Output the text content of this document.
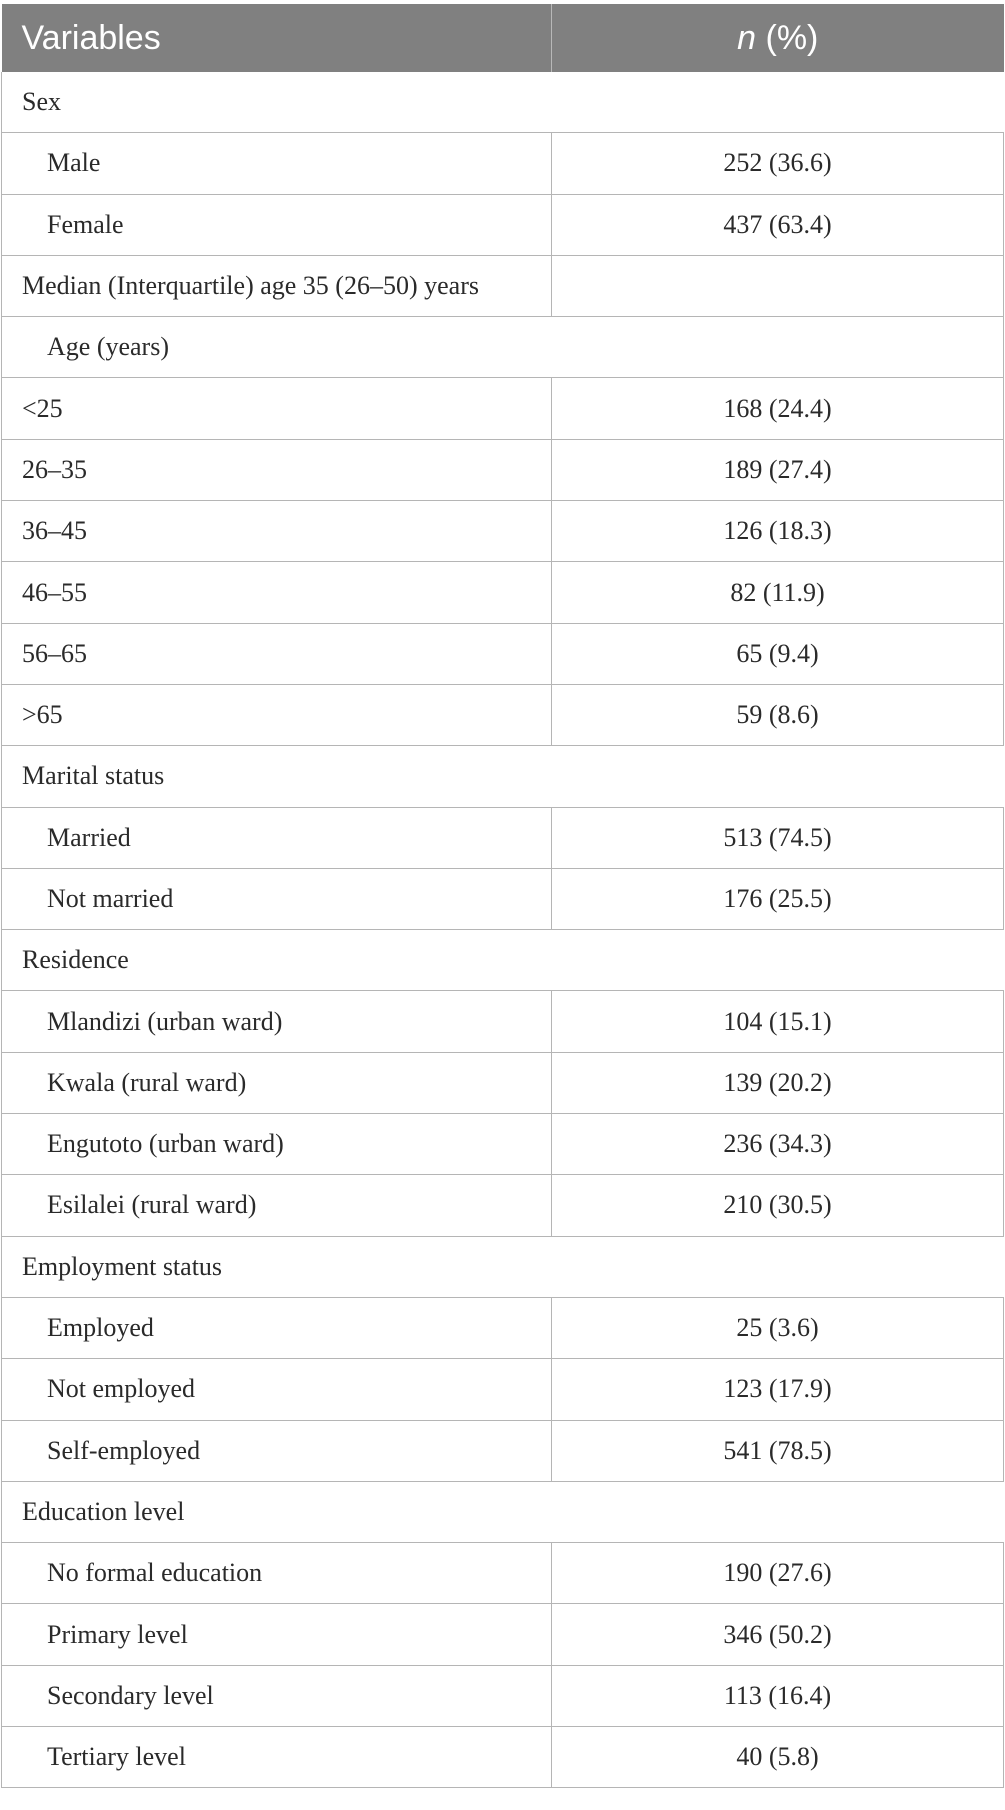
Variables	n (%)
Sex	
Male	252 (36.6)
Female	437 (63.4)
Median (Interquartile) age 35 (26–50) years	
Age (years)	
<25	168 (24.4)
26–35	189 (27.4)
36–45	126 (18.3)
46–55	82 (11.9)
56–65	65 (9.4)
>65	59 (8.6)
Marital status	
Married	513 (74.5)
Not married	176 (25.5)
Residence	
Mlandizi (urban ward)	104 (15.1)
Kwala (rural ward)	139 (20.2)
Engutoto (urban ward)	236 (34.3)
Esilalei (rural ward)	210 (30.5)
Employment status	
Employed	25 (3.6)
Not employed	123 (17.9)
Self-employed	541 (78.5)
Education level	
No formal education	190 (27.6)
Primary level	346 (50.2)
Secondary level	113 (16.4)
Tertiary level	40 (5.8)
